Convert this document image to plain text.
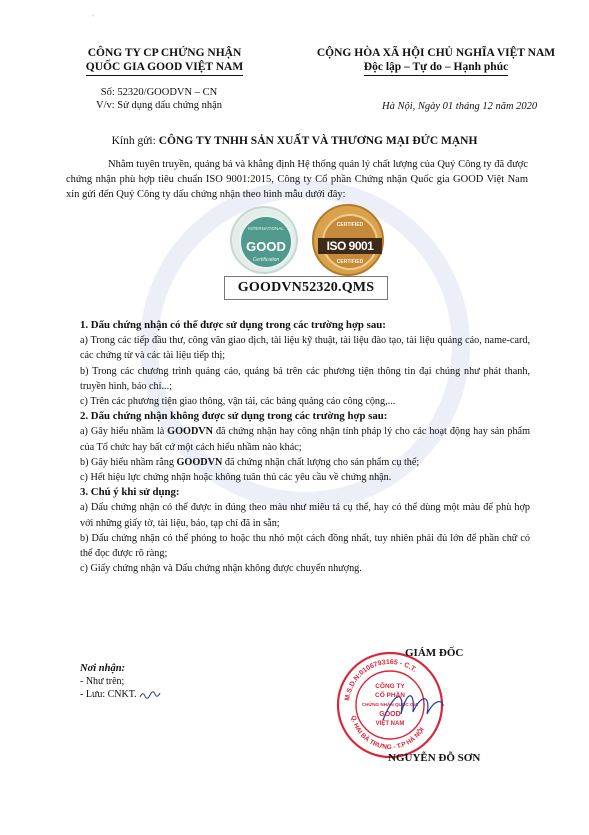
`
CÔNG TY CP CHỨNG NHẬN
QUỐC GIA GOOD VIỆT NAM
CỘNG HÒA XÃ HỘI CHỦ NGHĨA VIỆT NAM
Độc lập – Tự do – Hạnh phúc
Số: 52320/GOODVN – CN
V/v: Sử dụng dấu chứng nhận	Hà Nội, Ngày 01 tháng 12 năm 2020
Kính gửi: CÔNG TY TNHH SẢN XUẤT VÀ THƯƠNG MẠI ĐỨC MẠNH
Nhằm tuyên truyền, quảng bá và khẳng định Hệ thống quản lý chất lượng của Quý Công ty đã được chứng nhận phù hợp tiêu chuẩn ISO 9001:2015, Công ty Cổ phần Chứng nhận Quốc gia GOOD Việt Nam xin gửi đến Quý Công ty dấu chứng nhận theo hình mẫu dưới đây:
INTERNATIONAL
GOOD
Certification
CERTIFIED
ISO 9001
CERTIFIED
GOODVN52320.QMS

1. Dấu chứng nhận có thể được sử dụng trong các trường hợp sau:

a) Trong các tiếp đầu thư, công văn giao dịch, tài liệu kỹ thuật, tài liệu đào tạo, tài liệu quảng cáo, name-card, các chứng từ và các tài liệu tiếp thị;

b) Trong các chương trình quảng cáo, quảng bá trên các phương tiện thông tin đại chúng như phát thanh, truyền hình, báo chí...;

c) Trên các phương tiện giao thông, vận tải, các bảng quảng cáo công cộng,...

2. Dấu chứng nhận không được sử dụng trong các trường hợp sau:

a) Gây hiểu nhầm là GOODVN đã chứng nhận hay công nhận tính pháp lý cho các hoạt động hay sản phẩm của Tổ chức hay bất cứ một cách hiểu nhầm nào khác;

b) Gây hiểu nhầm rằng GOODVN đã chứng nhận chất lượng cho sản phẩm cụ thể;

c) Hết hiệu lực chứng nhận hoặc không tuân thủ các yêu cầu về chứng nhận.

3. Chú ý khi sử dụng:

a) Dấu chứng nhận có thể được in đúng theo màu như miêu tả cụ thể, hay có thể dùng một màu để phù hợp với những giấy tờ, tài liệu, báo, tạp chí đã in sẵn;

b) Dấu chứng nhận có thể phóng to hoặc thu nhỏ một cách đồng nhất, tuy nhiên phải đủ lớn để phần chữ có thể đọc được rõ ràng;

c) Giấy chứng nhận và Dấu chứng nhận không được chuyển nhượng.

Nơi nhận:
- Như trên;
- Lưu: CNKT.	M.S.D.N:0106793165 - C.T.
Q. HAI BÀ TRƯNG - T.P HÀ NỘI
CÔNG TY
CỔ PHẦN
CHỨNG NHẬN QUỐC GIA
GOOD
VIỆT NAM
GIÁM ĐỐC
NGUYỄN ĐỖ SƠN
